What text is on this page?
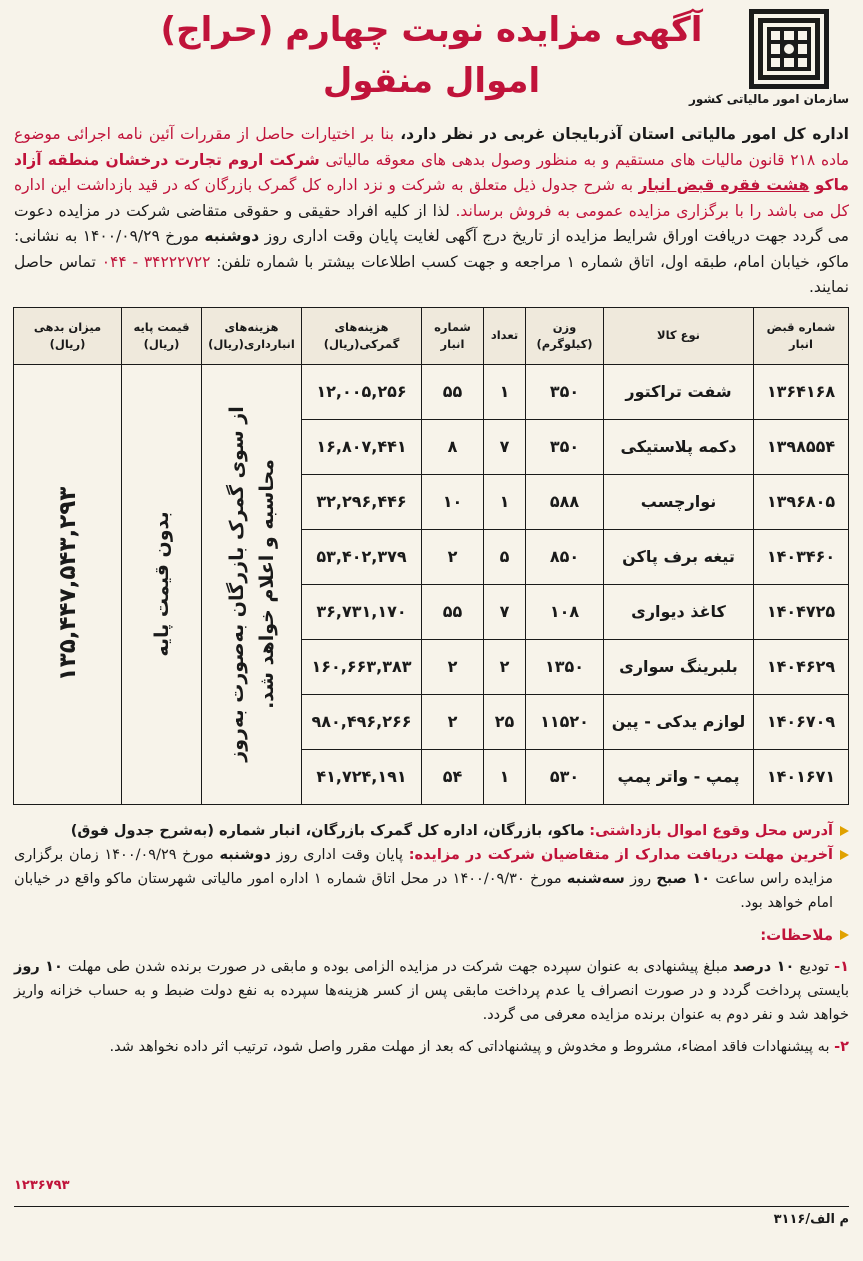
سازمان امور مالیاتی کشور
آگهی مزایده نوبت چهارم (حراج)
اموال منقول
اداره کل امور مالیاتی استان آذربایجان غربی در نظر دارد، بنا بر اختیارات حاصل از مقررات آئین نامه اجرائی موضوع ماده ۲۱۸ قانون مالیات های مستقیم و به منظور وصول بدهی های معوقه مالیاتی شرکت اروم تجارت درخشان منطقه آزاد ماکو هشت فقره قبض انبار به شرح جدول ذیل متعلق به شرکت و نزد اداره کل گمرک بازرگان که در قید بازداشت این اداره کل می باشد را با برگزاری مزایده عمومی به فروش برساند. لذا از کلیه افراد حقیقی و حقوقی متقاضی شرکت در مزایده دعوت می گردد جهت دریافت اوراق شرایط مزایده از تاریخ درج آگهی لغایت پایان وقت اداری روز دوشنبه مورخ ۱۴۰۰/۰۹/۲۹ به نشانی: ماکو، خیابان امام، طبقه اول، اتاق شماره ۱ مراجعه و جهت کسب اطلاعات بیشتر با شماره تلفن: ۳۴۲۲۲۷۲۲ - ۰۴۴ تماس حاصل نمایند.
شماره قبض انبار	نوع کالا	وزن (کیلوگرم)	تعداد	شماره انبار	هزینه‌های گمرکی(ریال)	هزینه‌های انبارداری(ریال)	قیمت پایه (ریال)	میزان بدهی (ریال)
۱۳۶۴۱۶۸	شفت تراکتور	۳۵۰	۱	۵۵	۱۲,۰۰۵,۲۵۶	از سوی گمرک بازرگان به‌صورت به‌روز محاسبه و اعلام خواهد شد.	بدون قیمت پایه	۱۳۵,۴۴۷,۵۴۳,۲۹۳

۱۳۹۸۵۵۴	دکمه پلاستیکی	۳۵۰	۷	۸	۱۶,۸۰۷,۴۴۱			
۱۳۹۶۸۰۵	نوارچسب	۵۸۸	۱	۱۰	۳۲,۲۹۶,۴۴۶			
۱۴۰۳۴۶۰	تیغه برف پاکن	۸۵۰	۵	۲	۵۳,۴۰۲,۳۷۹			
۱۴۰۴۷۲۵	کاغذ دیواری	۱۰۸	۷	۵۵	۳۶,۷۳۱,۱۷۰			
۱۴۰۴۶۲۹	بلبرینگ سواری	۱۳۵۰	۲	۲	۱۶۰,۶۶۳,۳۸۳			
۱۴۰۶۷۰۹	لوازم یدکی - پین	۱۱۵۲۰	۲۵	۲	۹۸۰,۴۹۶,۲۶۶			
۱۴۰۱۶۷۱	پمپ - واتر پمپ	۵۳۰	۱	۵۴	۴۱,۷۲۴,۱۹۱			
آدرس محل وقوع اموال بازداشتی: ماکو، بازرگان، اداره کل گمرک بازرگان، انبار شماره (به‌شرح جدول فوق)
آخرین مهلت دریافت مدارک از متقاضیان شرکت در مزایده: پایان وقت اداری روز دوشنبه مورخ ۱۴۰۰/۰۹/۲۹ زمان برگزاری مزایده راس ساعت ۱۰ صبح روز سه‌شنبه مورخ ۱۴۰۰/۰۹/۳۰ در محل اتاق شماره ۱ اداره امور مالیاتی شهرستان ماکو واقع در خیابان امام خواهد بود.
ملاحظات:
۱- تودیع ۱۰ درصد مبلغ پیشنهادی به عنوان سپرده جهت شرکت در مزایده الزامی بوده و مابقی در صورت برنده شدن طی مهلت ۱۰ روز بایستی پرداخت گردد و در صورت انصراف یا عدم پرداخت مابقی پس از کسر هزینه‌ها سپرده به نفع دولت ضبط و به حساب خزانه واریز خواهد شد و نفر دوم به عنوان برنده مزایده معرفی می گردد.
۲- به پیشنهادات فاقد امضاء، مشروط و مخدوش و پیشنهاداتی که بعد از مهلت مقرر واصل شود، ترتیب اثر داده نخواهد شد.
۱۲۳۶۷۹۳
م الف/۳۱۱۶
